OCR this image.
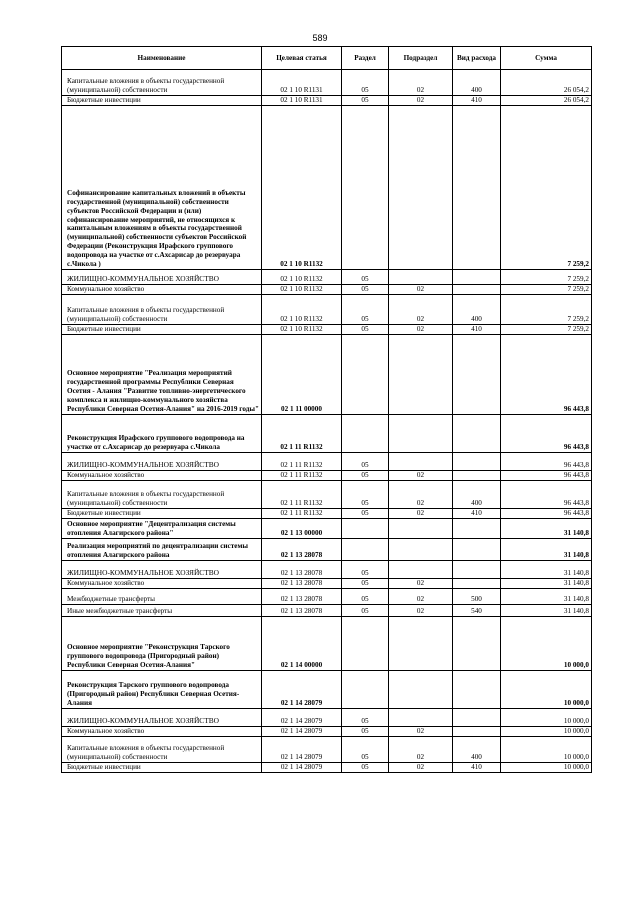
589
Наименование	Целевая статья	Раздел	Подраздел	Вид расхода	Сумма
Капитальные вложения в объекты государственной (муниципальной) собственности	02 1 10 R1131	05	02	400	26 054,2
Бюджетные инвестиции	02 1 10 R1131	05	02	410	26 054,2
Софинансирование капитальных вложений в объекты государственной (муниципальной) собственности субъектов Российской Федерации и (или) софинансирование мероприятий, не относящихся к капитальным вложениям в объекты государственной (муниципальной) собственности субъектов Российской Федерации (Реконструкция Ирафского группового водопровода на участке от с.Ахсарисар до резервуара с.Чикола )	02 1 10 R1132				7 259,2
ЖИЛИЩНО-КОММУНАЛЬНОЕ ХОЗЯЙСТВО	02 1 10 R1132	05			7 259,2
Коммунальное хозяйство	02 1 10 R1132	05	02		7 259,2
Капитальные вложения в объекты государственной (муниципальной) собственности	02 1 10 R1132	05	02	400	7 259,2
Бюджетные инвестиции	02 1 10 R1132	05	02	410	7 259,2
Основное мероприятие "Реализация мероприятий государственной программы Республики Северная Осетия - Алания "Развитие топливно-энергетического комплекса и жилищно-коммунального хозяйства Республики Северная Осетия-Алания" на 2016-2019 годы"	02 1 11 00000				96 443,8
Реконструкция Ирафского группового водопровода на участке от с.Ахсарисар до резервуара с.Чикола	02 1 11 R1132				96 443,8
ЖИЛИЩНО-КОММУНАЛЬНОЕ ХОЗЯЙСТВО	02 1 11 R1132	05			96 443,8
Коммунальное хозяйство	02 1 11 R1132	05	02		96 443,8
Капитальные вложения в объекты государственной (муниципальной) собственности	02 1 11 R1132	05	02	400	96 443,8
Бюджетные инвестиции	02 1 11 R1132	05	02	410	96 443,8
Основное мероприятие "Децентрализация системы отопления Алагирского района"	02 1 13 00000				31 140,8
Реализация мероприятий по децентрализации системы отопления Алагирского района	02 1 13 28078				31 140,8
ЖИЛИЩНО-КОММУНАЛЬНОЕ ХОЗЯЙСТВО	02 1 13 28078	05			31 140,8
Коммунальное хозяйство	02 1 13 28078	05	02		31 140,8
Межбюджетные трансферты	02 1 13 28078	05	02	500	31 140,8
Иные межбюджетные трансферты	02 1 13 28078	05	02	540	31 140,8
Основное мероприятие "Реконструкция Тарского группового водопровода (Пригородный район) Республики Северная Осетия-Алания"	02 1 14 00000				10 000,0
Реконструкция Тарского группового водопровода (Пригородный район) Республики Северная Осетия-Алания	02 1 14 28079				10 000,0
ЖИЛИЩНО-КОММУНАЛЬНОЕ ХОЗЯЙСТВО	02 1 14 28079	05			10 000,0
Коммунальное хозяйство	02 1 14 28079	05	02		10 000,0
Капитальные вложения в объекты государственной (муниципальной) собственности	02 1 14 28079	05	02	400	10 000,0
Бюджетные инвестиции	02 1 14 28079	05	02	410	10 000,0
